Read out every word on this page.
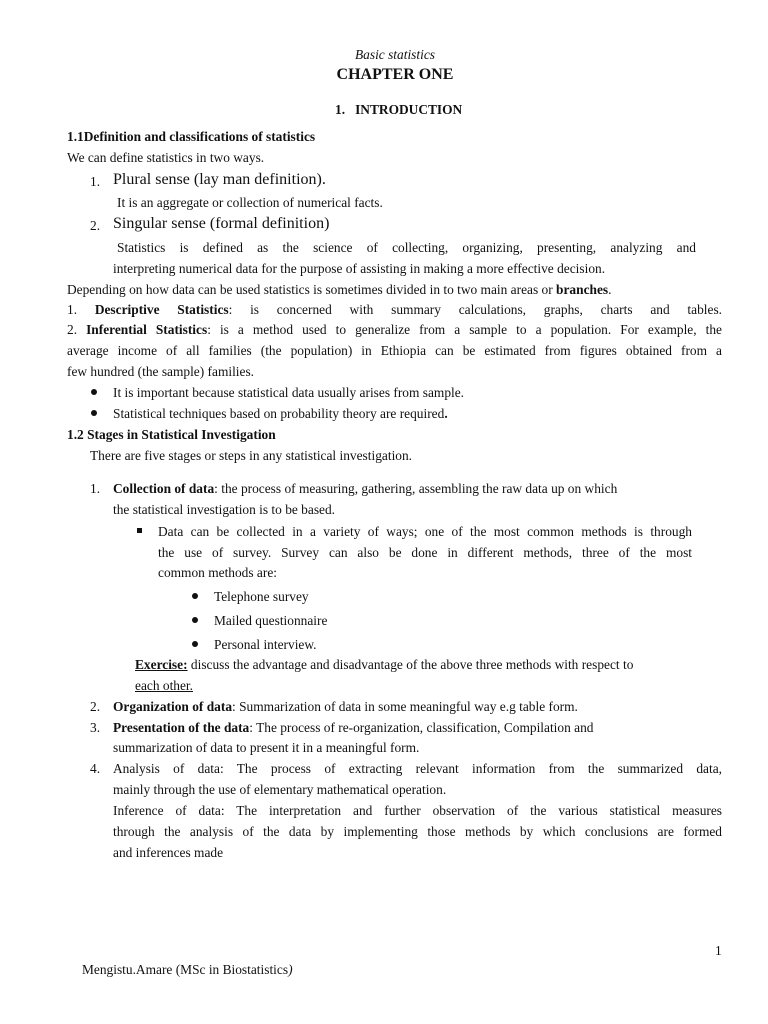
Basic statistics
CHAPTER ONE
1. INTRODUCTION
1.1Definition and classifications of statistics
We can define statistics in two ways.
1. Plural sense (lay man definition).
It is an aggregate or collection of numerical facts.
2. Singular sense (formal definition)
Statistics is defined as the science of collecting, organizing, presenting, analyzing and
interpreting numerical data for the purpose of assisting in making a more effective decision.
Depending on how data can be used statistics is sometimes divided in to two main areas or branches.
1. Descriptive Statistics: is concerned with summary calculations, graphs, charts and tables.
2. Inferential Statistics: is a method used to generalize from a sample to a population. For example, the
average income of all families (the population) in Ethiopia can be estimated from figures obtained from a
few hundred (the sample) families.
It is important because statistical data usually arises from sample.
Statistical techniques based on probability theory are required.
1.2 Stages in Statistical Investigation
There are five stages or steps in any statistical investigation.
1. Collection of data: the process of measuring, gathering, assembling the raw data up on which
the statistical investigation is to be based.
Data can be collected in a variety of ways; one of the most common methods is through
the use of survey. Survey can also be done in different methods, three of the most
common methods are:
Telephone survey
Mailed questionnaire
Personal interview.
Exercise: discuss the advantage and disadvantage of the above three methods with respect to
each other.
2. Organization of data: Summarization of data in some meaningful way e.g table form.
3. Presentation of the data: The process of re-organization, classification, Compilation and
summarization of data to present it in a meaningful form.
4. Analysis of data: The process of extracting relevant information from the summarized data,
mainly through the use of elementary mathematical operation.
Inference of data: The interpretation and further observation of the various statistical measures
through the analysis of the data by implementing those methods by which conclusions are formed
and inferences made
1
Mengistu.Amare (MSc in Biostatistics)
